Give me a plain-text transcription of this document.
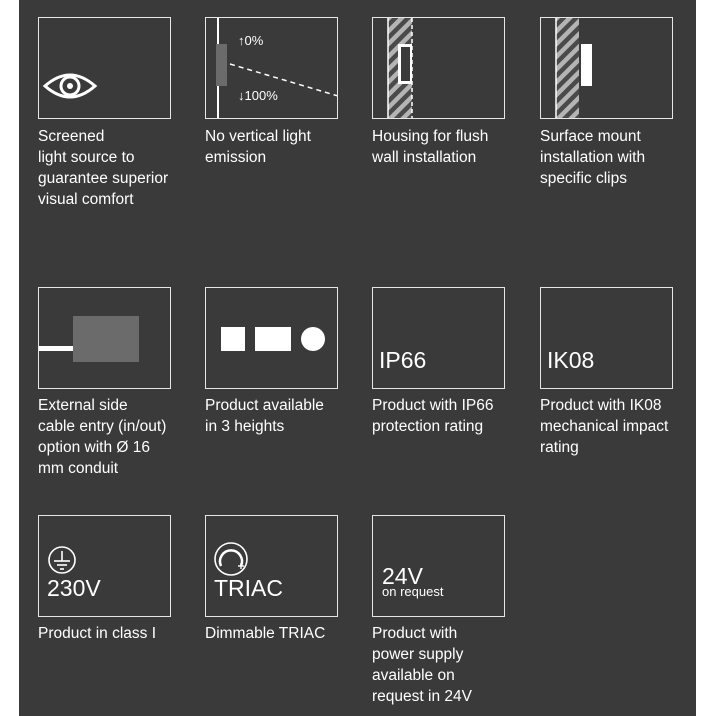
Screened
light source to
guarantee superior
visual comfort
↑0%
↓100%
No vertical light
emission
Housing for flush
wall installation
Surface mount
installation with
specific clips
External side
cable entry (in/out)
option with Ø 16
mm conduit
Product available
in 3 heights
IP66
Product with IP66
protection rating
IK08
Product with IK08
mechanical impact
rating
230V
Product in class I
TRIAC
Dimmable TRIAC
24V
on request
Product with
power supply
available on
request in 24V
